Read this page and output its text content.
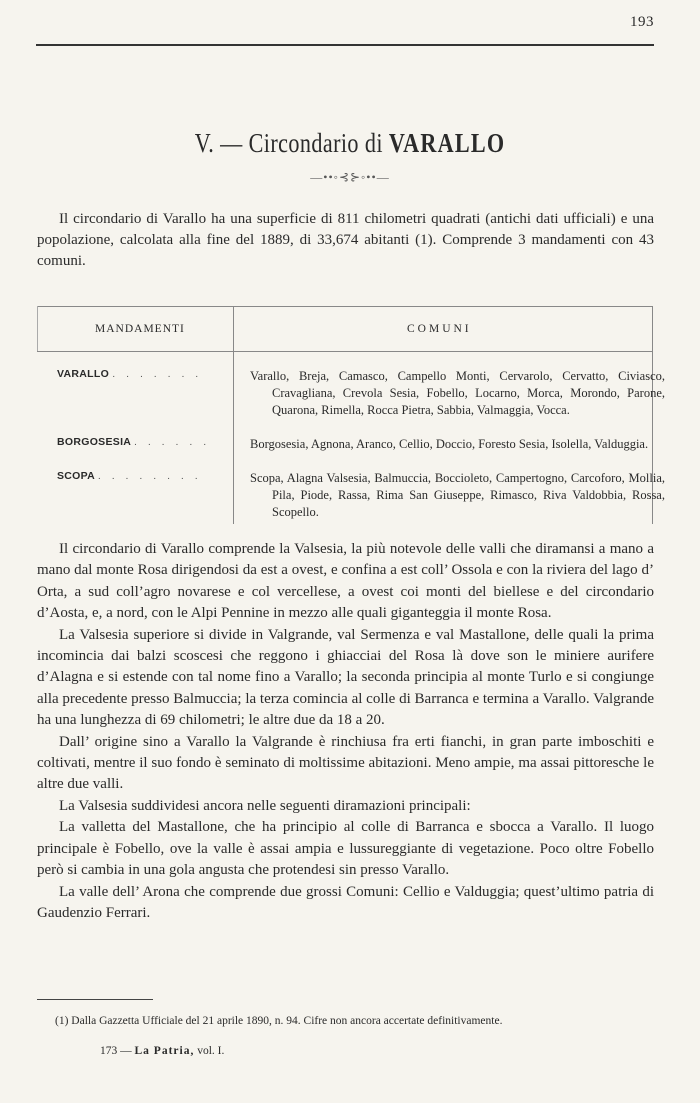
193
V. — Circondario di VARALLO
—••◦⊰⊱◦••—

Il circondario di Varallo ha una superficie di 811 chilometri quadrati (antichi dati ufficiali) e una popolazione, calcolata alla fine del 1889, di 33,674 abitanti (1). Comprende 3 mandamenti con 43 comuni.

MANDAMENTI	COMUNI
VARALLO . . . . . . .	Varallo, Breja, Camasco, Campello Monti, Cervarolo, Cervatto, Civiasco, Cravagliana, Crevola Sesia, Fobello, Locarno, Morca, Morondo, Parone, Quarona, Rimella, Rocca Pietra, Sabbia, Valmaggia, Vocca.
BORGOSESIA . . . . . .	Borgosesia, Agnona, Aranco, Cellio, Doccio, Foresto Sesia, Isolella, Valduggia.
SCOPA . . . . . . . .	Scopa, Alagna Valsesia, Balmuccia, Boccioleto, Campertogno, Carcoforo, Mollia, Pila, Piode, Rassa, Rima San Giuseppe, Rimasco, Riva Valdobbia, Rossa, Scopello.

Il circondario di Varallo comprende la Valsesia, la più notevole delle valli che diramansi a mano a mano dal monte Rosa dirigendosi da est a ovest, e confina a est coll’ Ossola e con la riviera del lago d’ Orta, a sud coll’agro novarese e col vercellese, a ovest coi monti del biellese e del circondario d’Aosta, e, a nord, con le Alpi Pennine in mezzo alle quali giganteggia il monte Rosa.

La Valsesia superiore si divide in Valgrande, val Sermenza e val Mastallone, delle quali la prima incomincia dai balzi scoscesi che reggono i ghiacciai del Rosa là dove son le miniere aurifere d’Alagna e si estende con tal nome fino a Varallo; la seconda principia al monte Turlo e si congiunge alla precedente presso Balmuccia; la terza comincia al colle di Barranca e termina a Varallo. Valgrande ha una lunghezza di 69 chilometri; le altre due da 18 a 20.

Dall’ origine sino a Varallo la Valgrande è rinchiusa fra erti fianchi, in gran parte imboschiti e coltivati, mentre il suo fondo è seminato di moltissime abitazioni. Meno ampie, ma assai pittoresche le altre due valli.

La Valsesia suddividesi ancora nelle seguenti diramazioni principali:

La valletta del Mastallone, che ha principio al colle di Barranca e sbocca a Varallo. Il luogo principale è Fobello, ove la valle è assai ampia e lussureggiante di vegetazione. Poco oltre Fobello però si cambia in una gola angusta che protendesi sin presso Varallo.

La valle dell’ Arona che comprende due grossi Comuni: Cellio e Valduggia; quest’ultimo patria di Gaudenzio Ferrari.

(1) Dalla Gazzetta Ufficiale del 21 aprile 1890, n. 94. Cifre non ancora accertate definitivamente.
173 — La Patria, vol. I.
